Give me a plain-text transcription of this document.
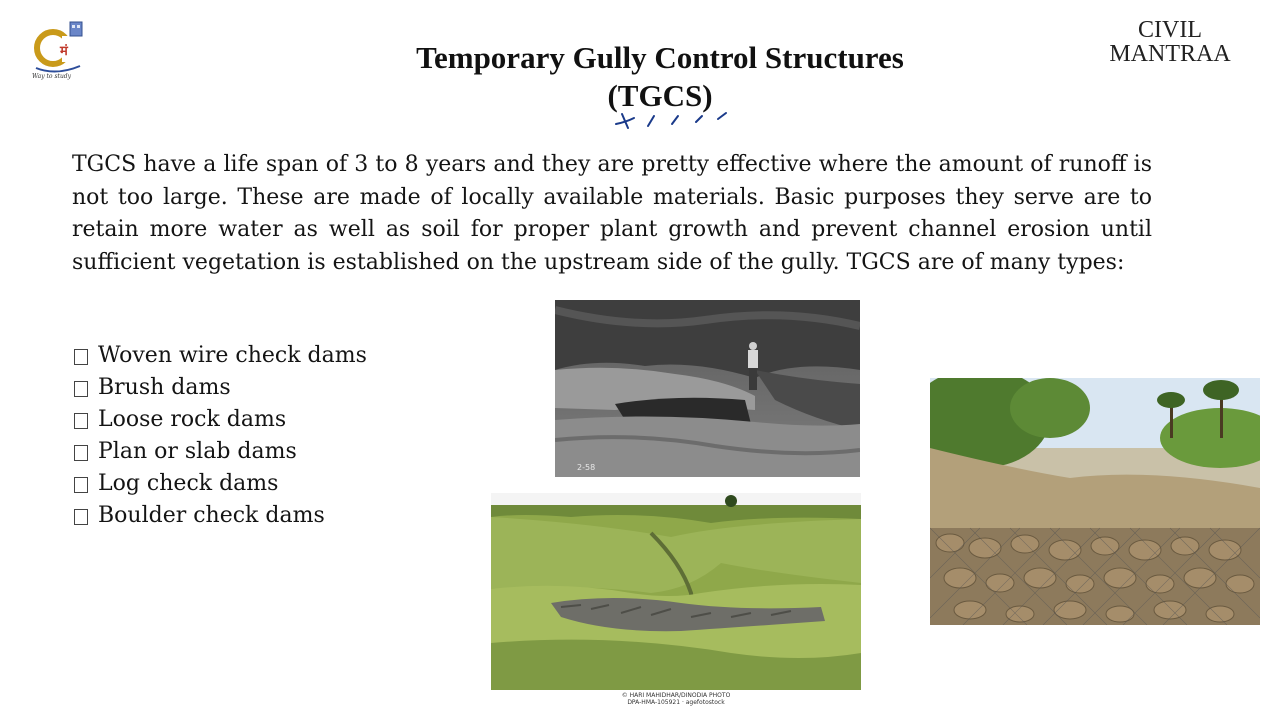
मं
Way to study
Temporary Gully Control Structures
(TGCS)
CIVIL
MANTRAA

TGCS have a life span of 3 to 8 years and they are pretty effective where the amount of runoff is not too large. These are made of locally available materials. Basic purposes they serve are to retain more water as well as soil for proper plant growth and prevent channel erosion until sufficient vegetation is established on the upstream side of the gully. TGCS are of many types:

Woven wire check dams
Brush dams
Loose rock dams
Plan or slab dams
Log check dams
Boulder check dams
2-58
© HARI MAHIDHAR/DINODIA PHOTO
DPA-HMA-105921 · agefotostock
